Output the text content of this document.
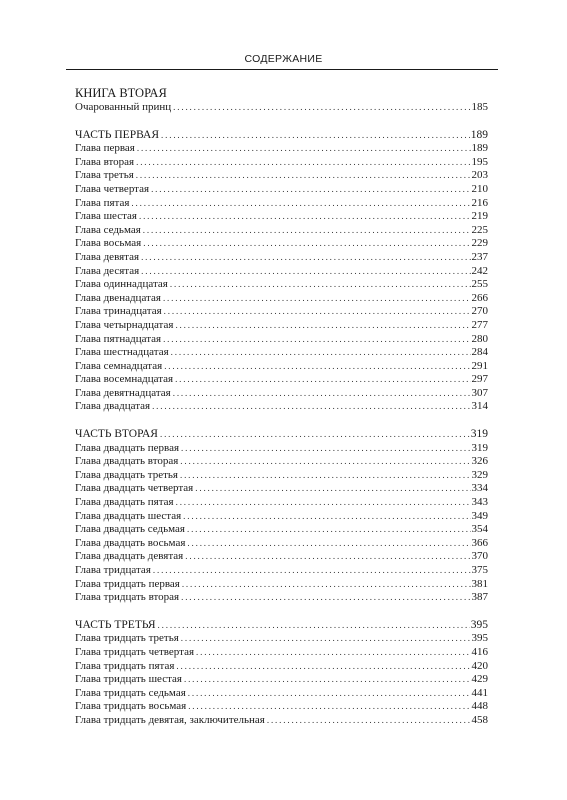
СОДЕРЖАНИЕ
КНИГА ВТОРАЯ
Очарованный принц . . .	185
ЧАСТЬ ПЕРВАЯ . . .	189
Глава первая . . .	189
Глава вторая . . .	195
Глава третья . . .	203
Глава четвертая . . .	210
Глава пятая . . .	216
Глава шестая . . .	219
Глава седьмая . . .	225
Глава восьмая . . .	229
Глава девятая . . .	237
Глава десятая . . .	242
Глава одиннадцатая . . .	255
Глава двенадцатая . . .	266
Глава тринадцатая . . .	270
Глава четырнадцатая . . .	277
Глава пятнадцатая . . .	280
Глава шестнадцатая . . .	284
Глава семнадцатая . . .	291
Глава восемнадцатая . . .	297
Глава девятнадцатая . . .	307
Глава двадцатая . . .	314
ЧАСТЬ ВТОРАЯ . . .	319
Глава двадцать первая . . .	319
Глава двадцать вторая . . .	326
Глава двадцать третья . . .	329
Глава двадцать четвертая . . .	334
Глава двадцать пятая . . .	343
Глава двадцать шестая . . .	349
Глава двадцать седьмая . . .	354
Глава двадцать восьмая . . .	366
Глава двадцать девятая . . .	370
Глава тридцатая . . .	375
Глава тридцать первая . . .	381
Глава тридцать вторая . . .	387
ЧАСТЬ ТРЕТЬЯ . . .	395
Глава тридцать третья . . .	395
Глава тридцать четвертая . . .	416
Глава тридцать пятая . . .	420
Глава тридцать шестая . . .	429
Глава тридцать седьмая . . .	441
Глава тридцать восьмая . . .	448
Глава тридцать девятая, заключительная . . .	458
